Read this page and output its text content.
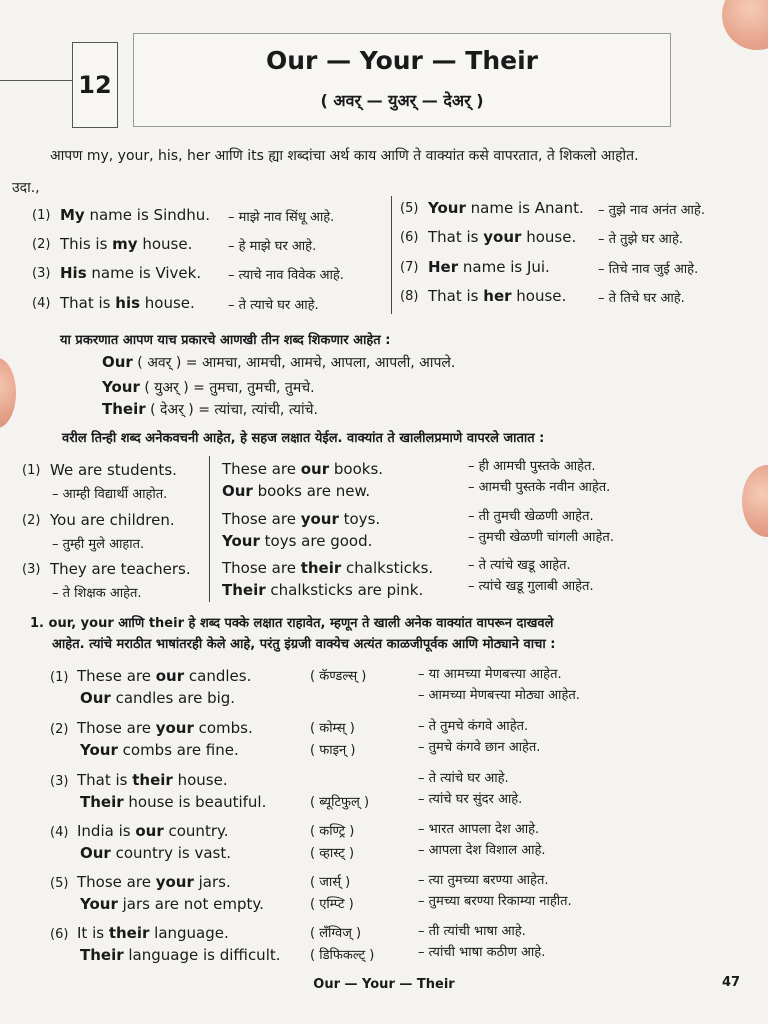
12
Our — Your — Their
( अवर् — युअर् — देअर् )
आपण my, your, his, her आणि its ह्या शब्दांचा अर्थ काय आणि ते वाक्यांत कसे वापरतात, ते शिकलो आहोत.
उदा.,
(1) My name is Sindhu. – माझे नाव सिंधू आहे.
(2) This is my house.	– हे माझे घर आहे.
(3) His name is Vivek. – त्याचे नाव विवेक आहे.
(4) That is his house.	– ते त्याचे घर आहे.
(5) Your name is Anant. – तुझे नाव अनंत आहे.
(6) That is your house. – ते तुझे घर आहे.
(7) Her name is Jui.	– तिचे नाव जुई आहे.
(8) That is her house. – ते तिचे घर आहे.
या प्रकरणात आपण याच प्रकारचे आणखी तीन शब्द शिकणार आहेत :
Our ( अवर् ) = आमचा, आमची, आमचे, आपला, आपली, आपले.
Your ( युअर् ) = तुमचा, तुमची, तुमचे.
Their ( देअर् ) = त्यांचा, त्यांची, त्यांचे.
वरील तिन्ही शब्द अनेकवचनी आहेत, हे सहज लक्षात येईल. वाक्यांत ते खालीलप्रमाणे वापरले जातात :
(1) We are students.
– आम्ही विद्यार्थी आहोत.
These are our books.	– ही आमची पुस्तके आहेत.
Our books are new.	– आमची पुस्तके नवीन आहेत.
(2) You are children.
– तुम्ही मुले आहात.
Those are your toys.	– ती तुमची खेळणी आहेत.
Your toys are good.	– तुमची खेळणी चांगली आहेत.
(3) They are teachers.
– ते शिक्षक आहेत.
Those are their chalksticks.	– ते त्यांचे खडू आहेत.
Their chalksticks are pink.	– त्यांचे खडू गुलाबी आहेत.
1. our, your आणि their हे शब्द पक्के लक्षात राहावेत, म्हणून ते खाली अनेक वाक्यांत वापरून दाखवले
आहेत. त्यांचे मराठीत भाषांतरही केले आहे, परंतु इंग्रजी वाक्येच अत्यंत काळजीपूर्वक आणि मोठ्याने वाचा :
(1) These are our candles.	( कॅण्डल्स् )	– या आमच्या मेणबत्त्या आहेत.
Our candles are big.	– आमच्या मेणबत्त्या मोठ्या आहेत.
(2) Those are your combs.	( कोम्स् )	– ते तुमचे कंगवे आहेत.
Your combs are fine.	( फाइन् )	– तुमचे कंगवे छान आहेत.
(3) That is their house.	– ते त्यांचे घर आहे.
Their house is beautiful.	( ब्यूटिफुल् )	– त्यांचे घर सुंदर आहे.
(4) India is our country.	( कण्ट्रि )	– भारत आपला देश आहे.
Our country is vast.	( व्हास्ट् )	– आपला देश विशाल आहे.
(5) Those are your jars.	( जार्स् )	– त्या तुमच्या बरण्या आहेत.
Your jars are not empty.	( एम्प्टि )	– तुमच्या बरण्या रिकाम्या नाहीत.
(6) It is their language.	( लँग्विज् )	– ती त्यांची भाषा आहे.
Their language is difficult. ( डिफिकल्ट् )	– त्यांची भाषा कठीण आहे.
Our — Your — Their	47
